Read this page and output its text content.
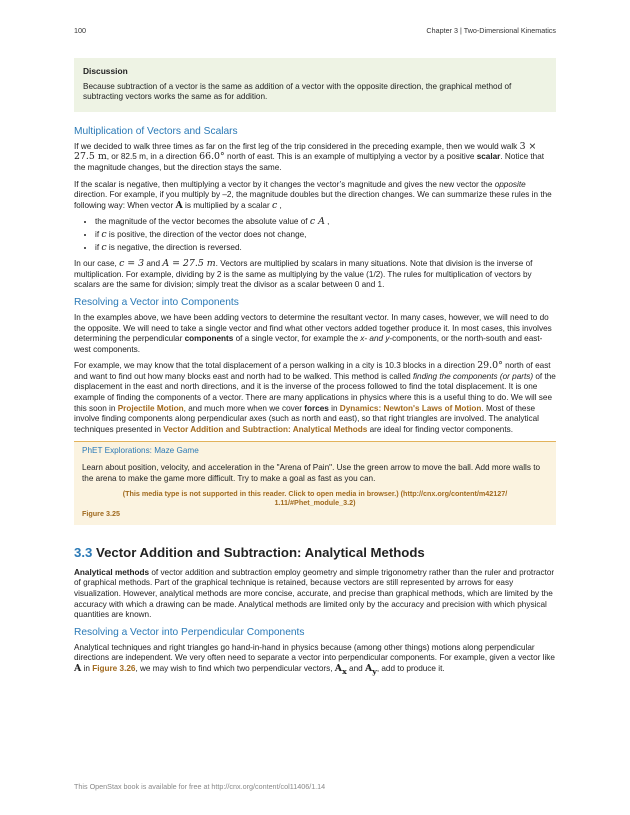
100	Chapter 3 | Two-Dimensional Kinematics
Discussion
Because subtraction of a vector is the same as addition of a vector with the opposite direction, the graphical method of subtracting vectors works the same as for addition.
Multiplication of Vectors and Scalars

If we decided to walk three times as far on the first leg of the trip considered in the preceding example, then we would walk 3 × 27.5 m, or 82.5 m, in a direction 66.0° north of east. This is an example of multiplying a vector by a positive scalar. Notice that the magnitude changes, but the direction stays the same.

If the scalar is negative, then multiplying a vector by it changes the vector’s magnitude and gives the new vector the opposite direction. For example, if you multiply by –2, the magnitude doubles but the direction changes. We can summarize these rules in the following way: When vector A is multiplied by a scalar c ,

• the magnitude of the vector becomes the absolute value of c A ,
• if c is positive, the direction of the vector does not change,
• if c is negative, the direction is reversed.

In our case, c = 3 and A = 27.5 m. Vectors are multiplied by scalars in many situations. Note that division is the inverse of multiplication. For example, dividing by 2 is the same as multiplying by the value (1/2). The rules for multiplication of vectors by scalars are the same for division; simply treat the divisor as a scalar between 0 and 1.

Resolving a Vector into Components

In the examples above, we have been adding vectors to determine the resultant vector. In many cases, however, we will need to do the opposite. We will need to take a single vector and find what other vectors added together produce it. In most cases, this involves determining the perpendicular components of a single vector, for example the x- and y-components, or the north-south and east-west components.

For example, we may know that the total displacement of a person walking in a city is 10.3 blocks in a direction 29.0° north of east and want to find out how many blocks east and north had to be walked. This method is called finding the components (or parts) of the displacement in the east and north directions, and it is the inverse of the process followed to find the total displacement. It is one example of finding the components of a vector. There are many applications in physics where this is a useful thing to do. We will see this soon in Projectile Motion, and much more when we cover forces in Dynamics: Newton's Laws of Motion. Most of these involve finding components along perpendicular axes (such as north and east), so that right triangles are involved. The analytical techniques presented in Vector Addition and Subtraction: Analytical Methods are ideal for finding vector components.

PhET Explorations: Maze Game
Learn about position, velocity, and acceleration in the "Arena of Pain". Use the green arrow to move the ball. Add more walls to the arena to make the game more difficult. Try to make a goal as fast as you can.
(This media type is not supported in this reader. Click to open media in browser.) (http://cnx.org/content/m42127/
1.11/#Phet_module_3.2)
Figure 3.25
3.3 Vector Addition and Subtraction: Analytical Methods

Analytical methods of vector addition and subtraction employ geometry and simple trigonometry rather than the ruler and protractor of graphical methods. Part of the graphical technique is retained, because vectors are still represented by arrows for easy visualization. However, analytical methods are more concise, accurate, and precise than graphical methods, which are limited by the accuracy with which a drawing can be made. Analytical methods are limited only by the accuracy and precision with which physical quantities are known.

Resolving a Vector into Perpendicular Components

Analytical techniques and right triangles go hand-in-hand in physics because (among other things) motions along perpendicular directions are independent. We very often need to separate a vector into perpendicular components. For example, given a vector like A in Figure 3.26, we may wish to find which two perpendicular vectors, $A_x$ and $A_y$, add to produce it.

This OpenStax book is available for free at http://cnx.org/content/col11406/1.14
